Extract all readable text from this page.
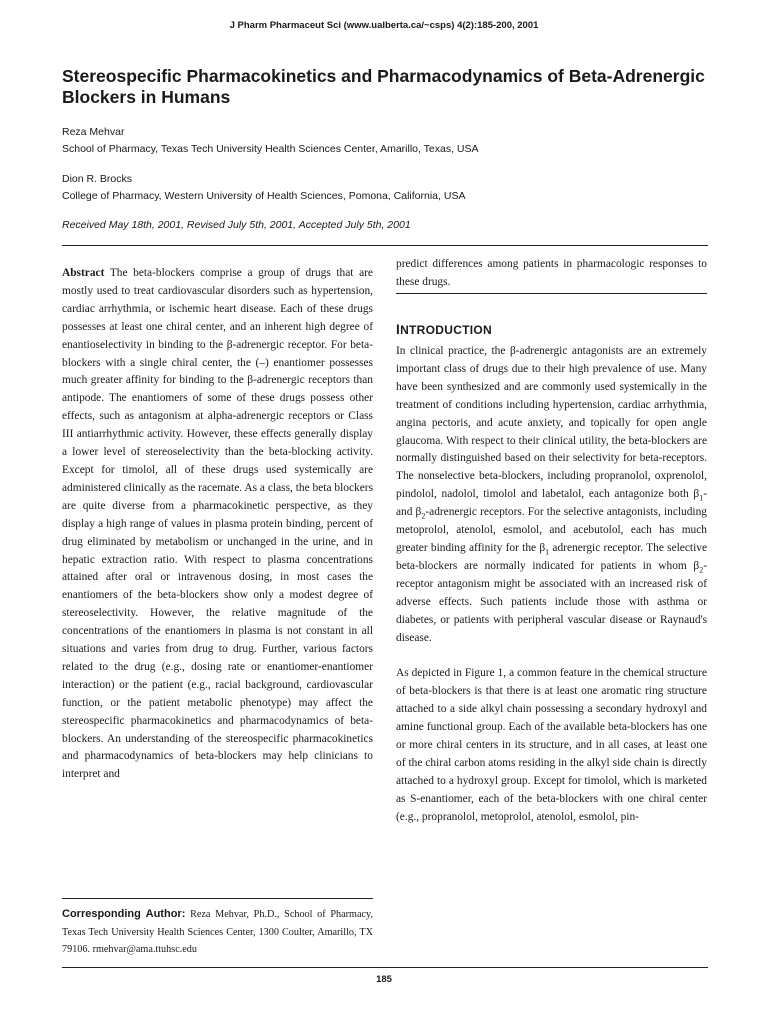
J Pharm Pharmaceut Sci (www.ualberta.ca/~csps) 4(2):185-200, 2001
Stereospecific Pharmacokinetics and Pharmacodynamics of Beta-Adrenergic Blockers in Humans
Reza Mehvar
School of Pharmacy, Texas Tech University Health Sciences Center, Amarillo, Texas, USA
Dion R. Brocks
College of Pharmacy, Western University of Health Sciences, Pomona, California, USA
Received May 18th, 2001, Revised July 5th, 2001, Accepted July 5th, 2001

Abstract The beta-blockers comprise a group of drugs that are mostly used to treat cardiovascular disorders such as hypertension, cardiac arrhythmia, or ischemic heart disease. Each of these drugs possesses at least one chiral center, and an inherent high degree of enantioselectivity in binding to the β-adrenergic receptor. For beta-blockers with a single chiral center, the (–) enantiomer possesses much greater affinity for binding to the β-adrenergic receptors than antipode. The enantiomers of some of these drugs possess other effects, such as antagonism at alpha-adrenergic receptors or Class III antiarrhythmic activity. However, these effects generally display a lower level of stereoselectivity than the beta-blocking activity. Except for timolol, all of these drugs used systemically are administered clinically as the racemate. As a class, the beta blockers are quite diverse from a pharmacokinetic perspective, as they display a high range of values in plasma protein binding, percent of drug eliminated by metabolism or unchanged in the urine, and in hepatic extraction ratio. With respect to plasma concentrations attained after oral or intravenous dosing, in most cases the enantiomers of the beta-blockers show only a modest degree of stereoselectivity. However, the relative magnitude of the concentrations of the enantiomers in plasma is not constant in all situations and varies from drug to drug. Further, various factors related to the drug (e.g., dosing rate or enantiomer-enantiomer interaction) or the patient (e.g., racial background, cardiovascular function, or the patient metabolic phenotype) may affect the stereospecific pharmacokinetics and pharmacodynamics of beta-blockers. An understanding of the stereospecific pharmacokinetics and pharmacodynamics of beta-blockers may help clinicians to interpret and

Corresponding Author: Reza Mehvar, Ph.D., School of Pharmacy, Texas Tech University Health Sciences Center, 1300 Coulter, Amarillo, TX 79106. rmehvar@ama.ttuhsc.edu

predict differences among patients in pharmacologic responses to these drugs.

INTRODUCTION

In clinical practice, the β-adrenergic antagonists are an extremely important class of drugs due to their high prevalence of use. Many have been synthesized and are commonly used systemically in the treatment of conditions including hypertension, cardiac arrhythmia, angina pectoris, and acute anxiety, and topically for open angle glaucoma. With respect to their clinical utility, the beta-blockers are normally distinguished based on their selectivity for beta-receptors. The nonselective beta-blockers, including propranolol, oxprenolol, pindolol, nadolol, timolol and labetalol, each antagonize both $\beta_1-$ and $\beta_2$-adrenergic receptors. For the selective antagonists, including metoprolol, atenolol, esmolol, and acebutolol, each has much greater binding affinity for the $\beta_1$ adrenergic receptor. The selective beta-blockers are normally indicated for patients in whom $\beta_2$-receptor antagonism might be associated with an increased risk of adverse effects. Such patients include those with asthma or diabetes, or patients with peripheral vascular disease or Raynaud's disease.

As depicted in Figure 1, a common feature in the chemical structure of beta-blockers is that there is at least one aromatic ring structure attached to a side alkyl chain possessing a secondary hydroxyl and amine functional group. Each of the available beta-blockers has one or more chiral centers in its structure, and in all cases, at least one of the chiral carbon atoms residing in the alkyl side chain is directly attached to a hydroxyl group. Except for timolol, which is marketed as S-enantiomer, each of the beta-blockers with one chiral center (e.g., propranolol, metoprolol, atenolol, esmolol, pin-

185
